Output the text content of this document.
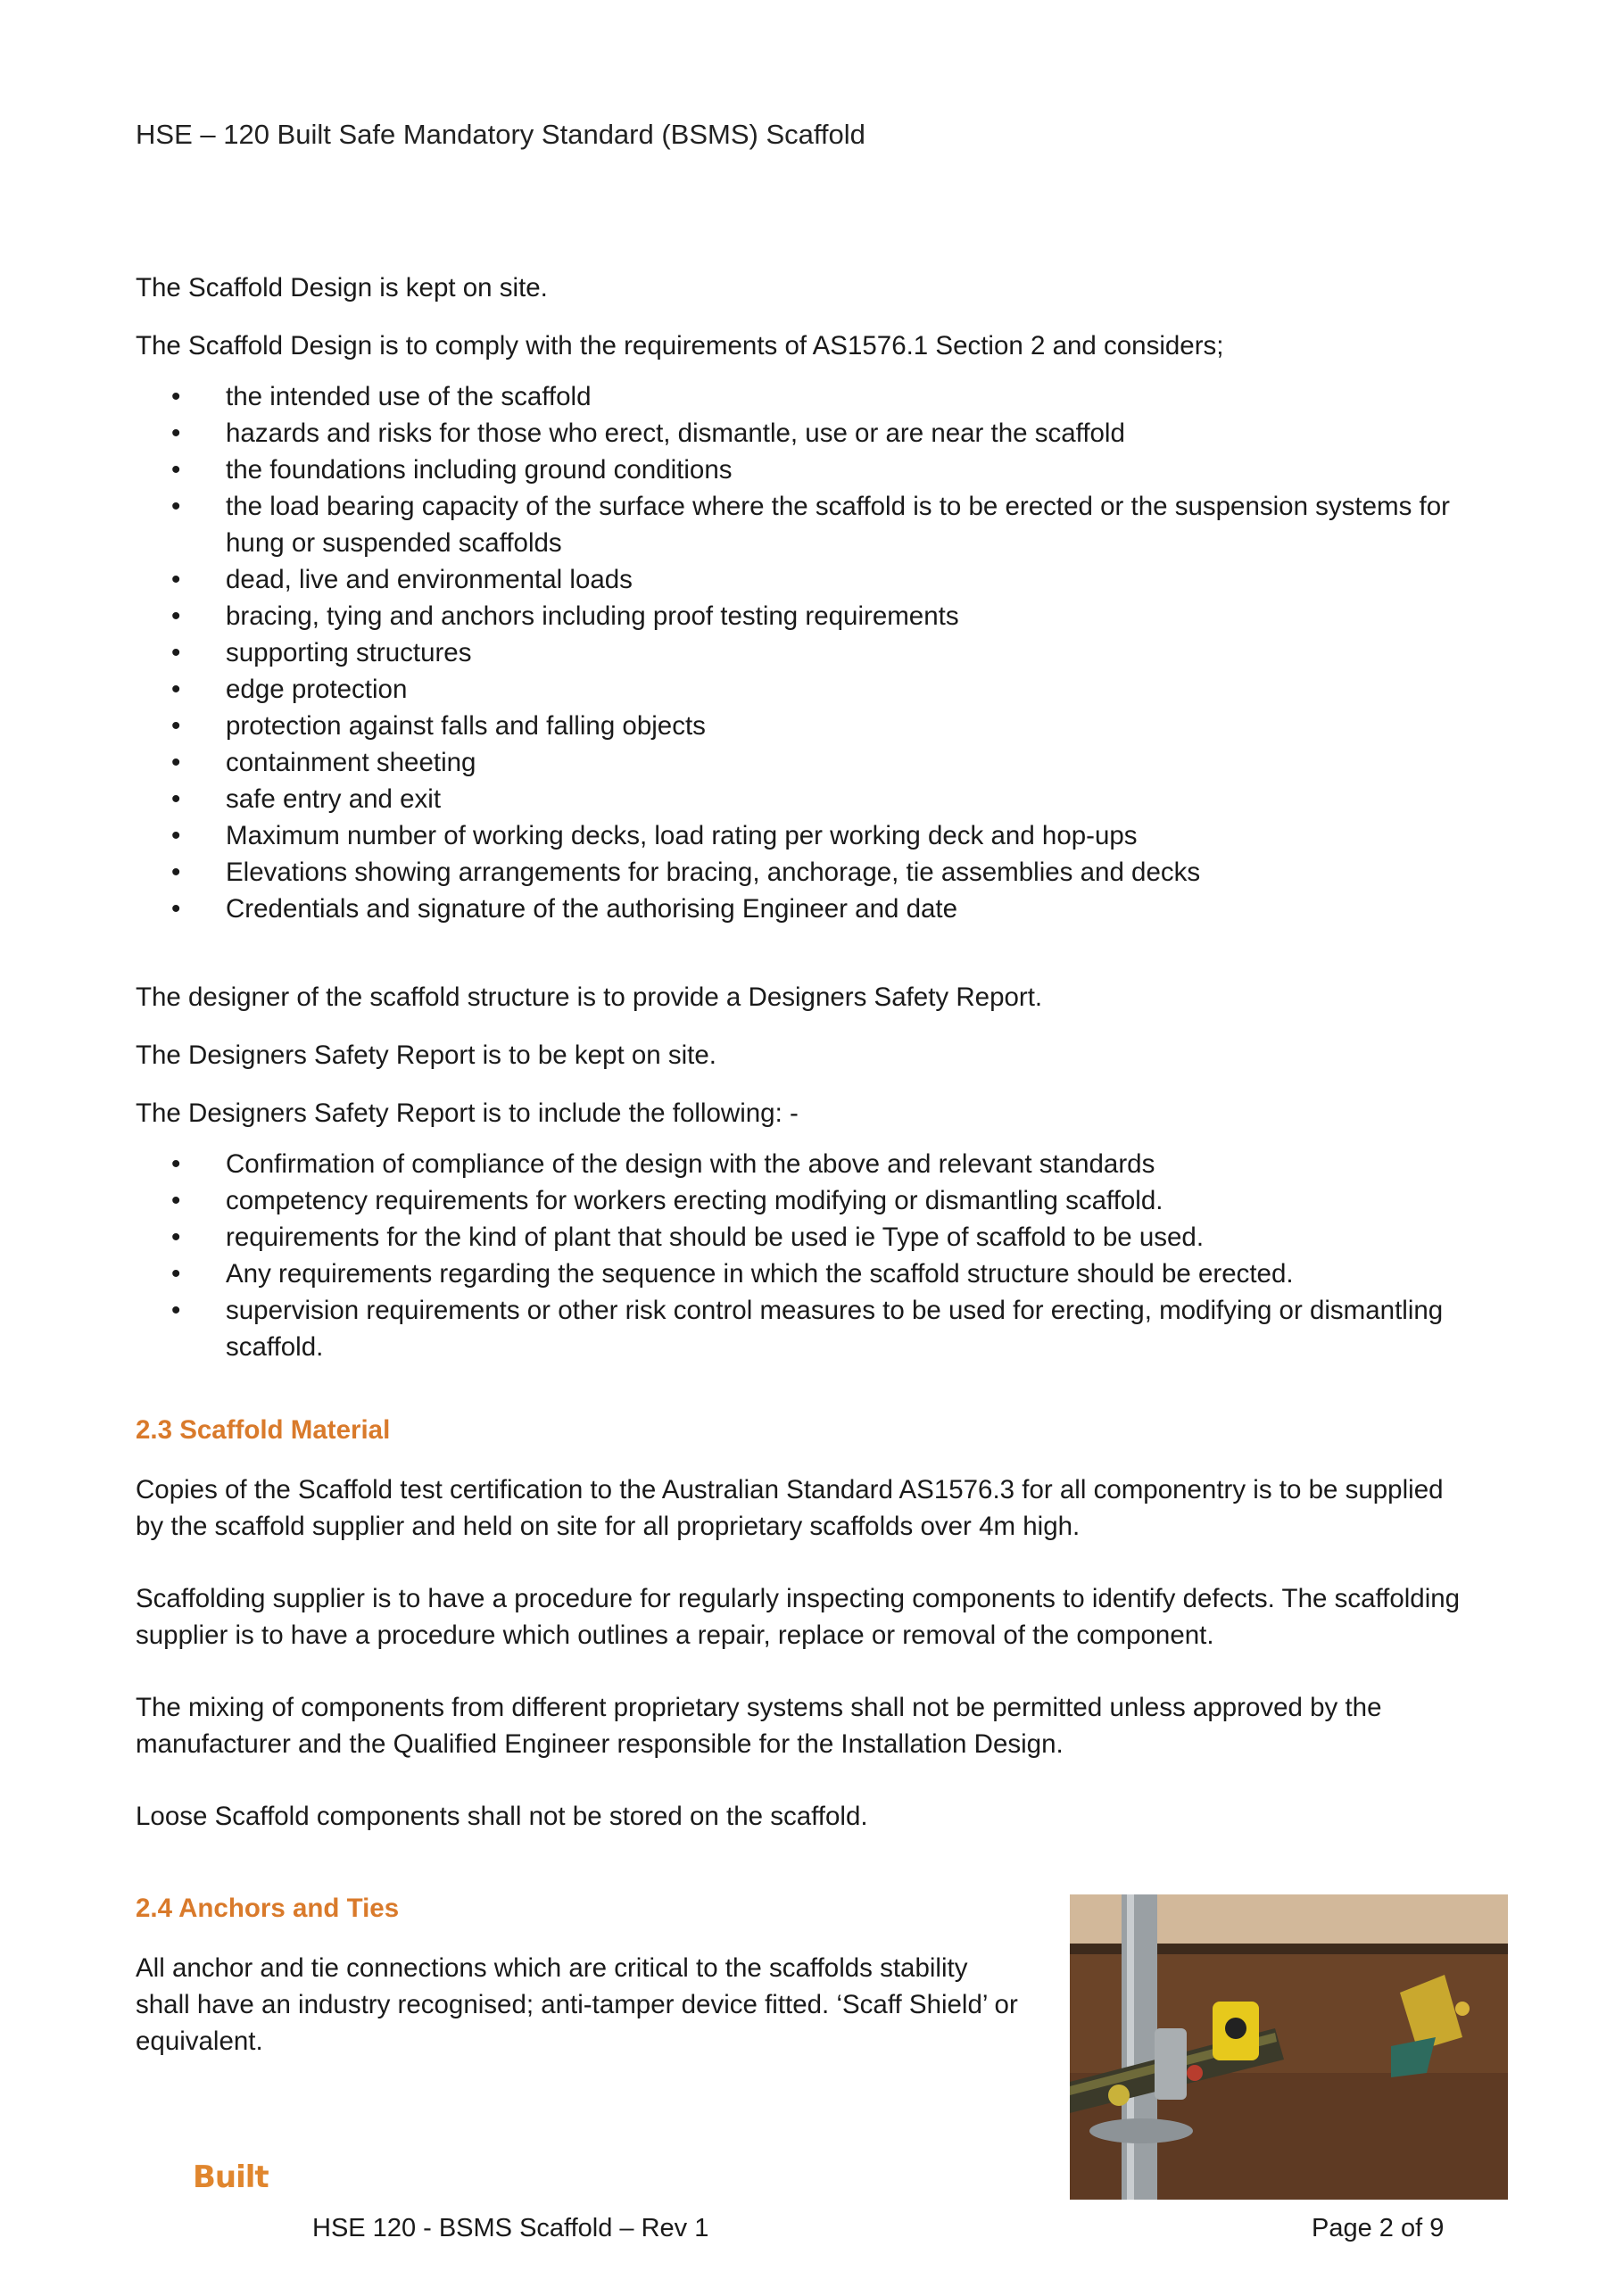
HSE – 120 Built Safe Mandatory Standard (BSMS) Scaffold

The Scaffold Design is kept on site.

The Scaffold Design is to comply with the requirements of AS1576.1 Section 2 and considers;

• the intended use of the scaffold
• hazards and risks for those who erect, dismantle, use or are near the scaffold
• the foundations including ground conditions
• the load bearing capacity of the surface where the scaffold is to be erected or the suspension systems for hung or suspended scaffolds
• dead, live and environmental loads
• bracing, tying and anchors including proof testing requirements
• supporting structures
• edge protection
• protection against falls and falling objects
• containment sheeting
• safe entry and exit
• Maximum number of working decks, load rating per working deck and hop-ups
• Elevations showing arrangements for bracing, anchorage, tie assemblies and decks
• Credentials and signature of the authorising Engineer and date

The designer of the scaffold structure is to provide a Designers Safety Report.

The Designers Safety Report is to be kept on site.

The Designers Safety Report is to include the following: -

• Confirmation of compliance of the design with the above and relevant standards
• competency requirements for workers erecting modifying or dismantling scaffold.
• requirements for the kind of plant that should be used ie Type of scaffold to be used.
• Any requirements regarding the sequence in which the scaffold structure should be erected.
• supervision requirements or other risk control measures to be used for erecting, modifying or dismantling scaffold.

2.3 Scaffold Material

Copies of the Scaffold test certification to the Australian Standard AS1576.3 for all componentry is to be supplied by the scaffold supplier and held on site for all proprietary scaffolds over 4m high.

Scaffolding supplier is to have a procedure for regularly inspecting components to identify defects. The scaffolding supplier is to have a procedure which outlines a repair, replace or removal of the component.

The mixing of components from different proprietary systems shall not be permitted unless approved by the manufacturer and the Qualified Engineer responsible for the Installation Design.

Loose Scaffold components shall not be stored on the scaffold.

2.4 Anchors and Ties

All anchor and tie connections which are critical to the scaffolds stability shall have an industry recognised; anti-tamper device fitted. ‘Scaff Shield’ or equivalent.

Built
HSE 120 - BSMS Scaffold – Rev 1	Page 2 of 9
